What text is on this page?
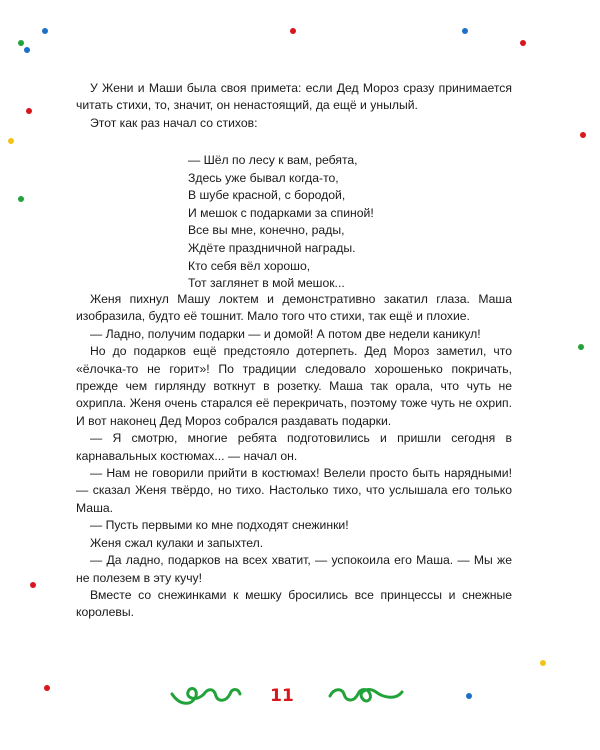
У Жени и Маши была своя примета: если Дед Мороз сразу принимается читать стихи, то, значит, он ненастоящий, да ещё и унылый.

Этот как раз начал со стихов:

— Шёл по лесу к вам, ребята,
Здесь уже бывал когда-то,
В шубе красной, с бородой,
И мешок с подарками за спиной!
Все вы мне, конечно, рады,
Ждёте праздничной награды.
Кто себя вёл хорошо,
Тот заглянет в мой мешок...

Женя пихнул Машу локтем и демонстративно закатил глаза. Маша изобразила, будто её тошнит. Мало того что стихи, так ещё и плохие.

— Ладно, получим подарки — и домой! А потом две недели каникул!

Но до подарков ещё предстояло дотерпеть. Дед Мороз заметил, что «ёлочка-то не горит»! По традиции следовало хорошенько покричать, прежде чем гирлянду воткнут в розетку. Маша так орала, что чуть не охрипла. Женя очень старался её перекричать, поэтому тоже чуть не охрип. И вот наконец Дед Мороз собрался раздавать подарки.

— Я смотрю, многие ребята подготовились и пришли сегодня в карнавальных костюмах... — начал он.

— Нам не говорили прийти в костюмах! Велели просто быть нарядными! — сказал Женя твёрдо, но тихо. Настолько тихо, что услышала его только Маша.

— Пусть первыми ко мне подходят снежинки!

Женя сжал кулаки и запыхтел.

— Да ладно, подарков на всех хватит, — успокоила его Маша. — Мы же не полезем в эту кучу!

Вместе со снежинками к мешку бросились все принцессы и снежные королевы.

11
